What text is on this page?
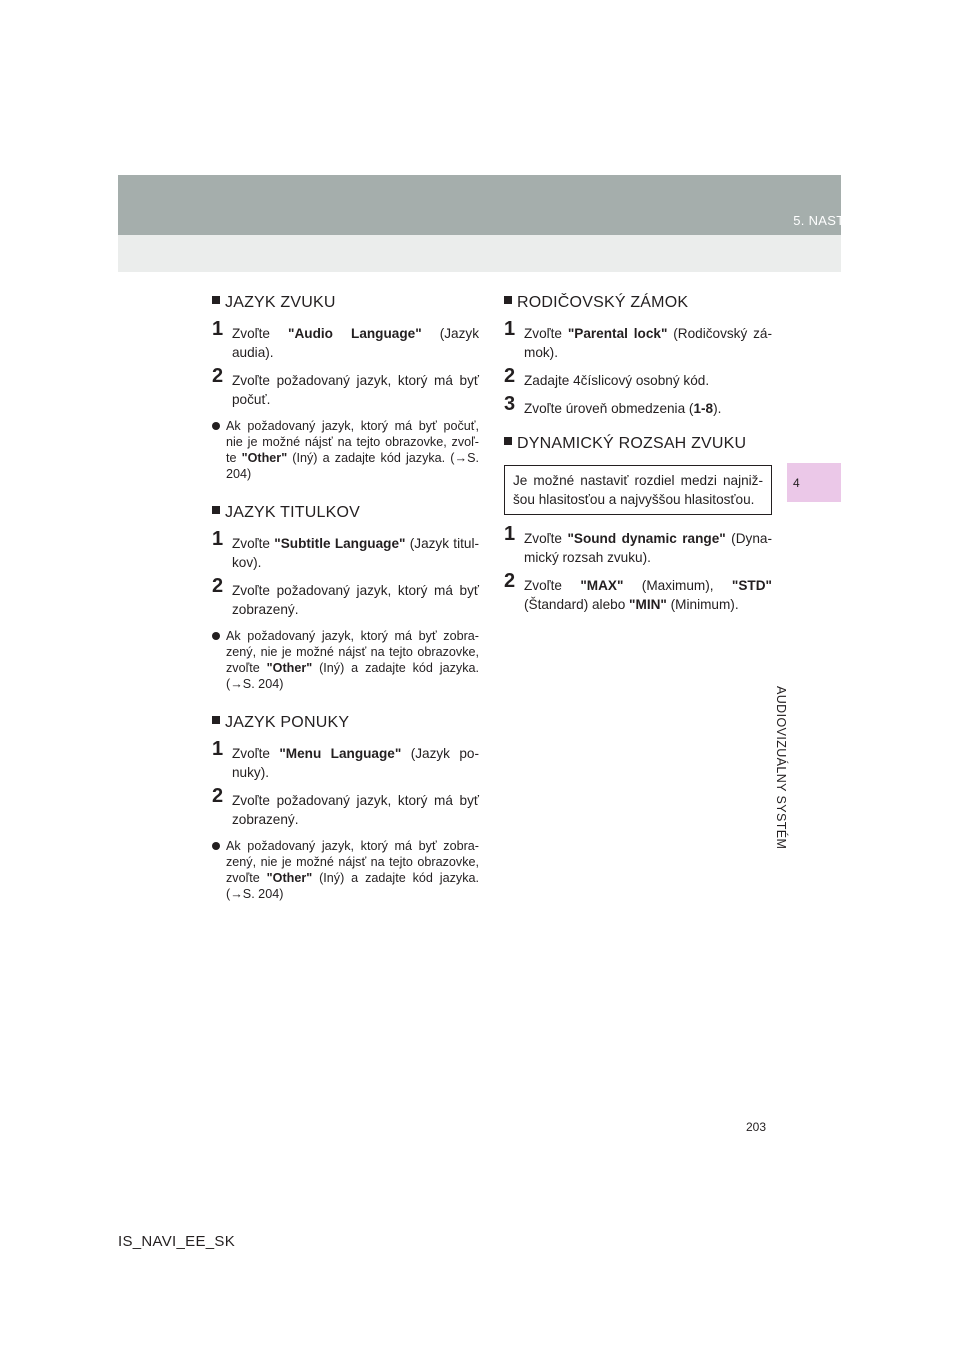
5. NASTAVENIE
4
AUDIOVIZUÁLNY SYSTÉM
JAZYK ZVUKU
1 Zvoľte "Audio Language" (Jazyk audia).
2 Zvoľte požadovaný jazyk, ktorý má byť počuť.
Ak požadovaný jazyk, ktorý má byť počuť, nie je možné nájsť na tejto obrazovke, zvoľ-te "Other" (Iný) a zadajte kód jazyka. (→S. 204)
JAZYK TITULKOV
1 Zvoľte "Subtitle Language" (Jazyk titul-kov).
2 Zvoľte požadovaný jazyk, ktorý má byť zobrazený.
Ak požadovaný jazyk, ktorý má byť zobra-zený, nie je možné nájsť na tejto obrazovke, zvoľte "Other" (Iný) a zadajte kód jazyka. (→S. 204)
JAZYK PONUKY
1 Zvoľte "Menu Language" (Jazyk po-nuky).
2 Zvoľte požadovaný jazyk, ktorý má byť zobrazený.
Ak požadovaný jazyk, ktorý má byť zobra-zený, nie je možné nájsť na tejto obrazovke, zvoľte "Other" (Iný) a zadajte kód jazyka. (→S. 204)
RODIČOVSKÝ ZÁMOK
1 Zvoľte "Parental lock" (Rodičovský zá-mok).
2 Zadajte 4číslicový osobný kód.
3 Zvoľte úroveň obmedzenia (1-8).
DYNAMICKÝ ROZSAH ZVUKU
Je možné nastaviť rozdiel medzi najniž-šou hlasitosťou a najvyššou hlasitosťou.
1 Zvoľte "Sound dynamic range" (Dyna-mický rozsah zvuku).
2 Zvoľte "MAX" (Maximum), "STD" (Štandard) alebo "MIN" (Minimum).
203
IS_NAVI_EE_SK
